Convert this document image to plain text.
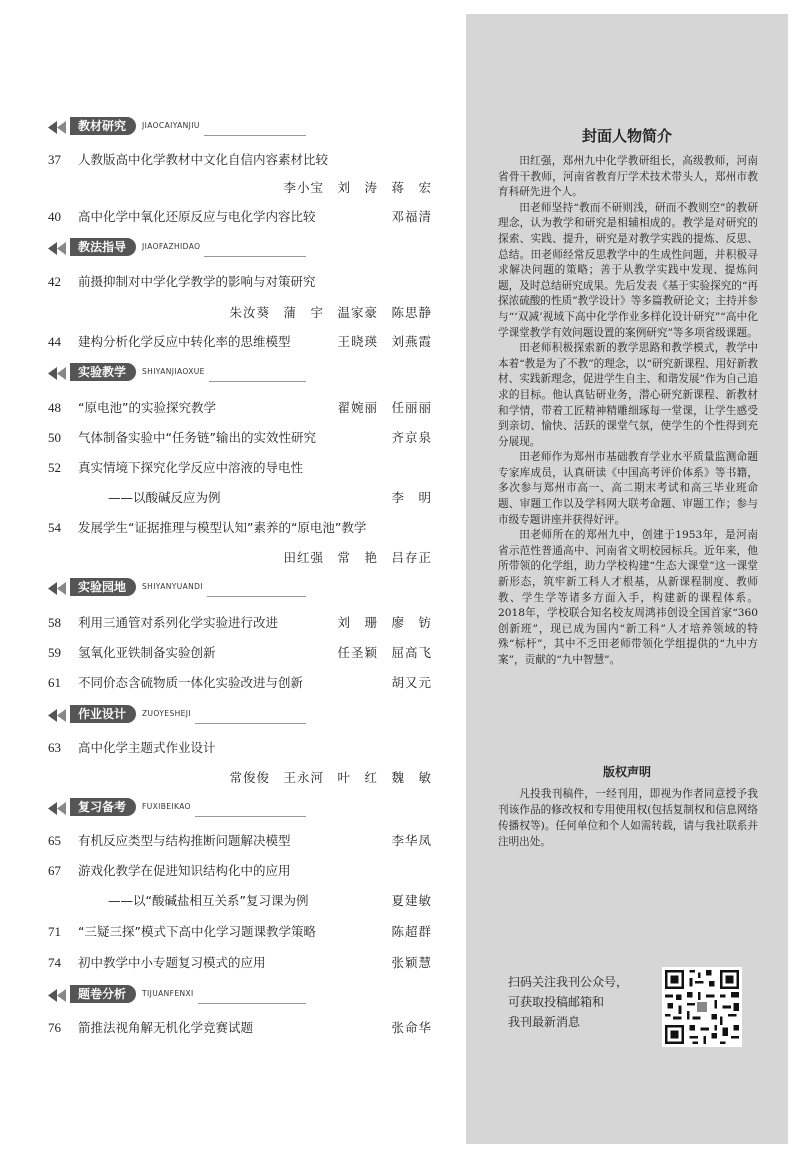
教材研究	JIAOCAIYANJIU
37	人教版高中化学教材中文化自信内容素材比较
李小宝　刘　涛　蒋　宏
40	高中化学中氧化还原反应与电化学内容比较	邓福清
教法指导	JIAOFAZHIDAO
42	前摄抑制对中学化学教学的影响与对策研究
朱汝葵　蒲　宇　温家豪　陈思静
44	建构分析化学反应中转化率的思维模型	王晓瑛　刘燕霞
实验教学	SHIYANJIAOXUE
48	“原电池”的实验探究教学	翟婉丽　任丽丽
50	气体制备实验中“任务链”输出的实效性研究	齐京泉
52	真实情境下探究化学反应中溶液的导电性
——以酸碱反应为例	李　明
54	发展学生“证据推理与模型认知”素养的“原电池”教学
田红强　常　艳　吕存正
实验园地	SHIYANYUANDI
58	利用三通管对系列化学实验进行改进	刘　珊　廖　钫
59	氢氧化亚铁制备实验创新	任圣颖　屈高飞
61	不同价态含硫物质一体化实验改进与创新	胡又元
作业设计	ZUOYESHEJI
63	高中化学主题式作业设计
常俊俊　王永河　叶　红　魏　敏
复习备考	FUXIBEIKAO
65	有机反应类型与结构推断问题解决模型	李华凤
67	游戏化教学在促进知识结构化中的应用
——以“酸碱盐相互关系”复习课为例	夏建敏
71	“三疑三探”模式下高中化学习题课教学策略	陈超群
74	初中教学中小专题复习模式的应用	张颖慧
题卷分析	TIJUANFENXI
76	箭推法视角解无机化学竞赛试题	张命华
封面人物简介

田红强，郑州九中化学教研组长，高级教师，河南省骨干教师，河南省教育厅学术技术带头人，郑州市教育科研先进个人。

田老师坚持“教而不研则浅，研而不教则空”的教研理念，认为教学和研究是相辅相成的。教学是对研究的探索、实践、提升，研究是对教学实践的提炼、反思、总结。田老师经常反思教学中的生成性问题，并积极寻求解决问题的策略；善于从教学实践中发现、提炼问题，及时总结研究成果。先后发表《基于实验探究的“再探浓硫酸的性质”教学设计》等多篇教研论文；主持并参与“‘双减’视域下高中化学作业多样化设计研究”“高中化学课堂教学有效问题设置的案例研究”等多项省级课题。

田老师积极探索新的教学思路和教学模式，教学中本着“教是为了不教”的理念，以“研究新课程、用好新教材、实践新理念，促进学生自主、和谐发展”作为自己追求的目标。他认真钻研业务，潜心研究新课程、新教材和学情，带着工匠精神精雕细琢每一堂课，让学生感受到亲切、愉快、活跃的课堂气氛，使学生的个性得到充分展现。

田老师作为郑州市基础教育学业水平质量监测命题专家库成员，认真研读《中国高考评价体系》等书籍，多次参与郑州市高一、高二期末考试和高三毕业班命题、审题工作以及学科网大联考命题、审题工作；参与市级专题讲座并获得好评。

田老师所在的郑州九中，创建于1953年，是河南省示范性普通高中、河南省文明校园标兵。近年来，他所带领的化学组，助力学校构建“生态大课堂”这一课堂新形态，筑牢新工科人才根基，从新课程制度、教师教、学生学等诸多方面入手，构建新的课程体系。2018年，学校联合知名校友周鸿祎创设全国首家“360创新班”，现已成为国内“新工科”人才培养领域的特殊“标杆”，其中不乏田老师带领化学组提供的“九中方案”，贡献的“九中智慧”。

版权声明
凡投我刊稿件，一经刊用，即视为作者同意授予我刊该作品的修改权和专用使用权(包括复制权和信息网络传播权等)。任何单位和个人如需转载，请与我社联系并注明出处。
扫码关注我刊公众号，
可获取投稿邮箱和
我刊最新消息
